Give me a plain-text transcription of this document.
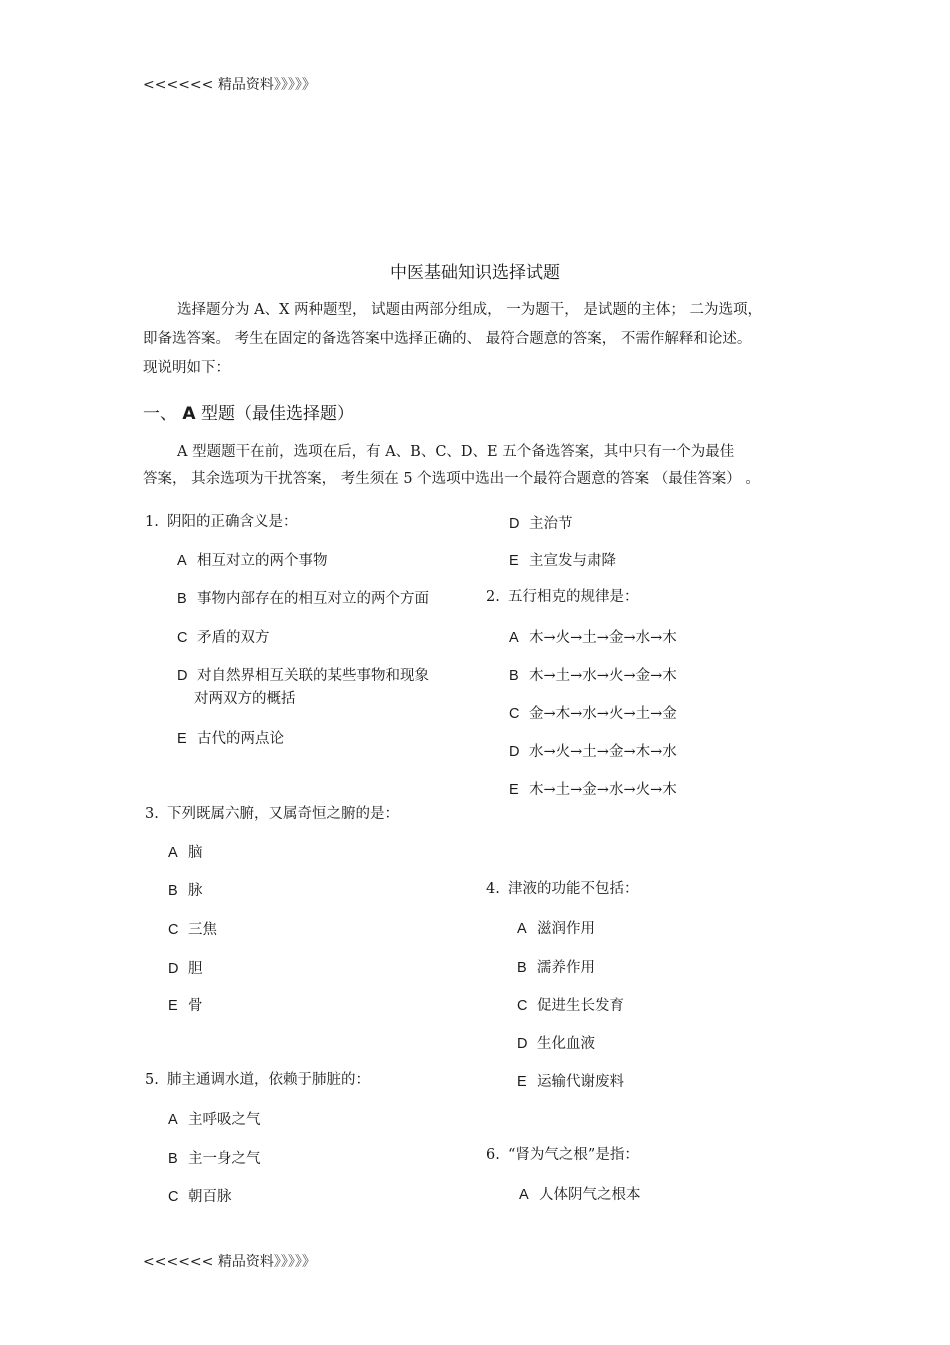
<<<<<< 精品资料》》》》》
<<<<<< 精品资料》》》》》
中医基础知识选择试题
选择题分为 A、X 两种题型， 试题由两部分组成， 一为题干， 是试题的主体； 二为选项，
即备选答案。 考生在固定的备选答案中选择正确的、 最符合题意的答案， 不需作解释和论述。
现说明如下：
一、 A 型题（最佳选择题）
A 型题题干在前，选项在后，有 A、B、C、D、E 五个备选答案，其中只有一个为最佳
答案， 其余选项为干扰答案， 考生须在 5 个选项中选出一个最符合题意的答案 （最佳答案） 。
1. 阴阳的正确含义是：
A 相互对立的两个事物
B 事物内部存在的相互对立的两个方面
C 矛盾的双方
D 对自然界相互关联的某些事物和现象
对两双方的概括
E 古代的两点论
D 主治节
E 主宣发与肃降
2. 五行相克的规律是：
A 木→火→土→金→水→木
B 木→土→水→火→金→木
C 金→木→水→火→土→金
D 水→火→土→金→木→水
E 木→土→金→水→火→木
3. 下列既属六腑，又属奇恒之腑的是：
A 脑
B 脉
C 三焦
D 胆
E 骨
4. 津液的功能不包括：
A 滋润作用
B 濡养作用
C 促进生长发育
D 生化血液
E 运输代谢废料
5. 肺主通调水道，依赖于肺脏的：
A 主呼吸之气
B 主一身之气
C 朝百脉
6. “肾为气之根”是指：
A 人体阴气之根本
